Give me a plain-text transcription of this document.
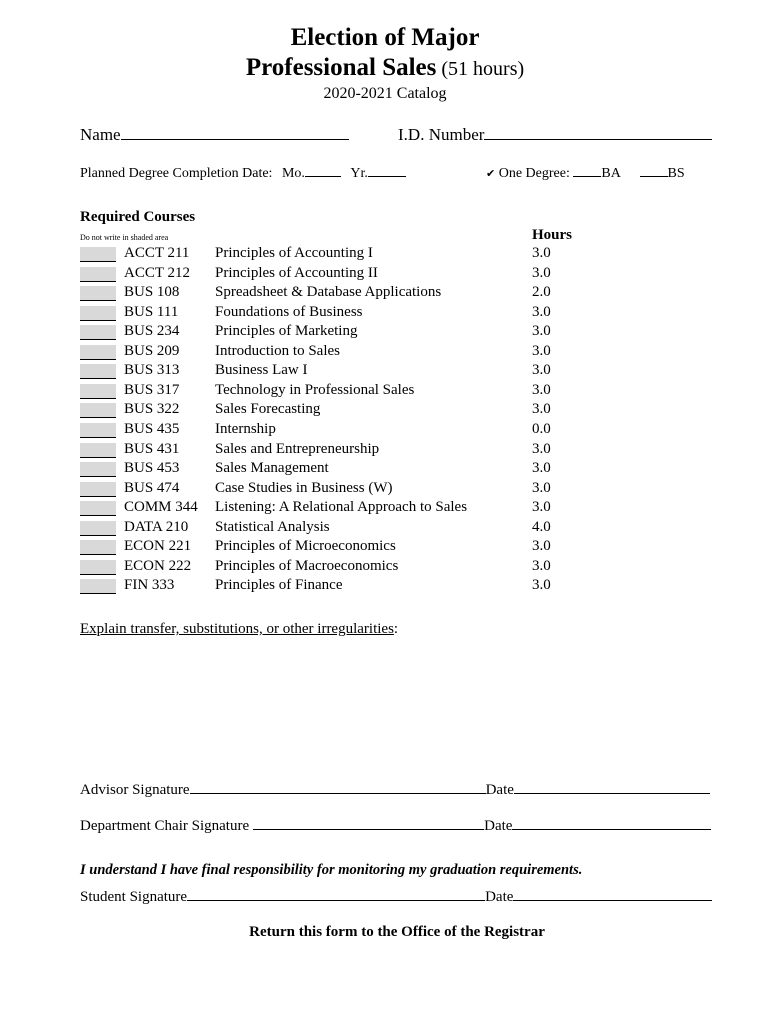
Election of Major
Professional Sales (51 hours)
2020-2021 Catalog
Name	I.D. Number
Planned Degree Completion Date: Mo.	Yr.	✔ One Degree: BA	BS
Required Courses
Do not write in shaded area	Hours
ACCT 211 Principles of Accounting I	3.0
ACCT 212 Principles of Accounting II	3.0
BUS 108 Spreadsheet & Database Applications	2.0
BUS 111 Foundations of Business	3.0
BUS 234 Principles of Marketing	3.0
BUS 209 Introduction to Sales	3.0
BUS 313 Business Law I	3.0
BUS 317 Technology in Professional Sales	3.0
BUS 322 Sales Forecasting	3.0
BUS 435 Internship	0.0
BUS 431 Sales and Entrepreneurship	3.0
BUS 453 Sales Management	3.0
BUS 474 Case Studies in Business (W)	3.0
COMM 344 Listening: A Relational Approach to Sales	3.0
DATA 210 Statistical Analysis	4.0
ECON 221 Principles of Microeconomics	3.0
ECON 222 Principles of Macroeconomics	3.0
FIN 333	Principles of Finance	3.0
Explain transfer, substitutions, or other irregularities:
Advisor Signature	Date
Department Chair Signature	Date
I understand I have final responsibility for monitoring my graduation requirements.
Student Signature	Date
Return this form to the Office of the Registrar
